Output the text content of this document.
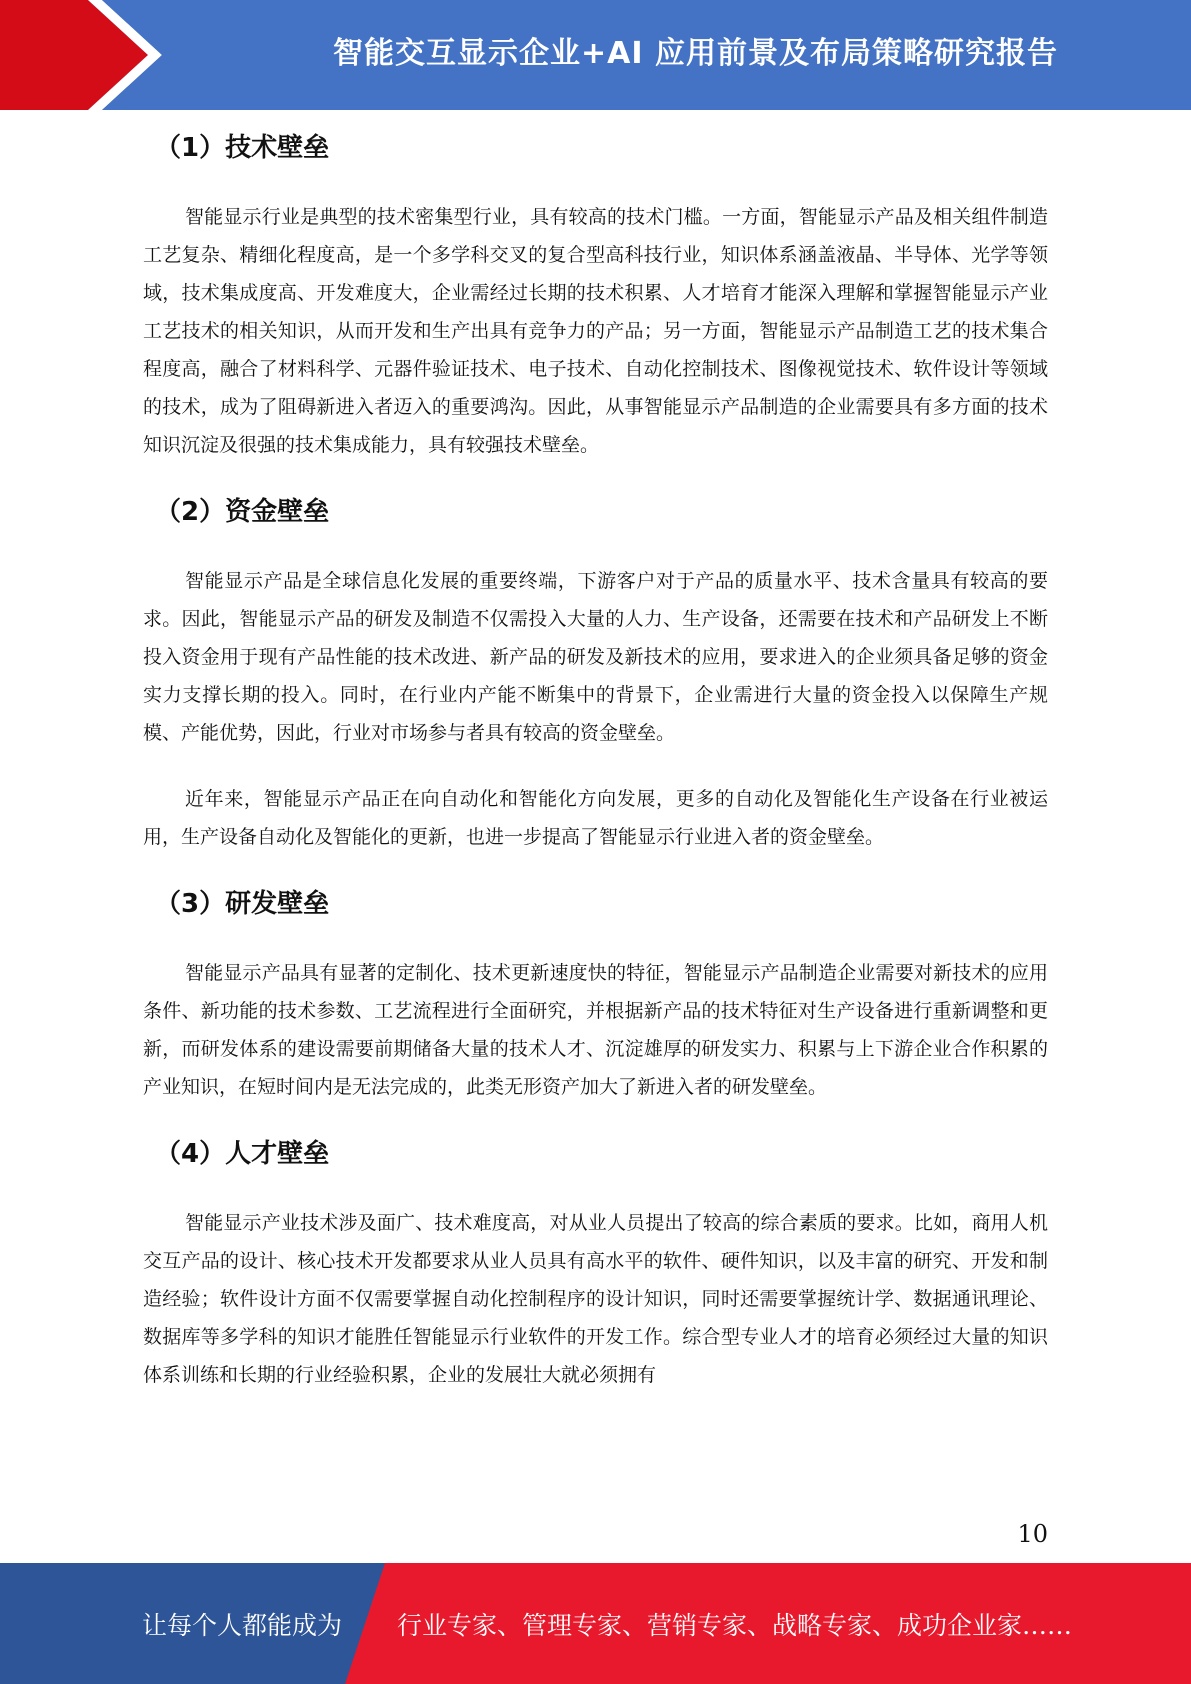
智能交互显示企业+AI 应用前景及布局策略研究报告
（1）技术壁垒

智能显示行业是典型的技术密集型行业，具有较高的技术门槛。一方面，智能显示产品及相关组件制造工艺复杂、精细化程度高，是一个多学科交叉的复合型高科技行业，知识体系涵盖液晶、半导体、光学等领域，技术集成度高、开发难度大，企业需经过长期的技术积累、人才培育才能深入理解和掌握智能显示产业工艺技术的相关知识，从而开发和生产出具有竞争力的产品；另一方面，智能显示产品制造工艺的技术集合程度高，融合了材料科学、元器件验证技术、电子技术、自动化控制技术、图像视觉技术、软件设计等领域的技术，成为了阻碍新进入者迈入的重要鸿沟。因此，从事智能显示产品制造的企业需要具有多方面的技术知识沉淀及很强的技术集成能力，具有较强技术壁垒。

（2）资金壁垒

智能显示产品是全球信息化发展的重要终端，下游客户对于产品的质量水平、技术含量具有较高的要求。因此，智能显示产品的研发及制造不仅需投入大量的人力、生产设备，还需要在技术和产品研发上不断投入资金用于现有产品性能的技术改进、新产品的研发及新技术的应用，要求进入的企业须具备足够的资金实力支撑长期的投入。同时，在行业内产能不断集中的背景下，企业需进行大量的资金投入以保障生产规模、产能优势，因此，行业对市场参与者具有较高的资金壁垒。

近年来，智能显示产品正在向自动化和智能化方向发展，更多的自动化及智能化生产设备在行业被运用，生产设备自动化及智能化的更新，也进一步提高了智能显示行业进入者的资金壁垒。

（3）研发壁垒

智能显示产品具有显著的定制化、技术更新速度快的特征，智能显示产品制造企业需要对新技术的应用条件、新功能的技术参数、工艺流程进行全面研究，并根据新产品的技术特征对生产设备进行重新调整和更新，而研发体系的建设需要前期储备大量的技术人才、沉淀雄厚的研发实力、积累与上下游企业合作积累的产业知识，在短时间内是无法完成的，此类无形资产加大了新进入者的研发壁垒。

（4）人才壁垒

智能显示产业技术涉及面广、技术难度高，对从业人员提出了较高的综合素质的要求。比如，商用人机交互产品的设计、核心技术开发都要求从业人员具有高水平的软件、硬件知识，以及丰富的研究、开发和制造经验；软件设计方面不仅需要掌握自动化控制程序的设计知识，同时还需要掌握统计学、数据通讯理论、数据库等多学科的知识才能胜任智能显示行业软件的开发工作。综合型专业人才的培育必须经过大量的知识体系训练和长期的行业经验积累，企业的发展壮大就必须拥有

10
让每个人都能成为 行业专家、管理专家、营销专家、战略专家、成功企业家……
